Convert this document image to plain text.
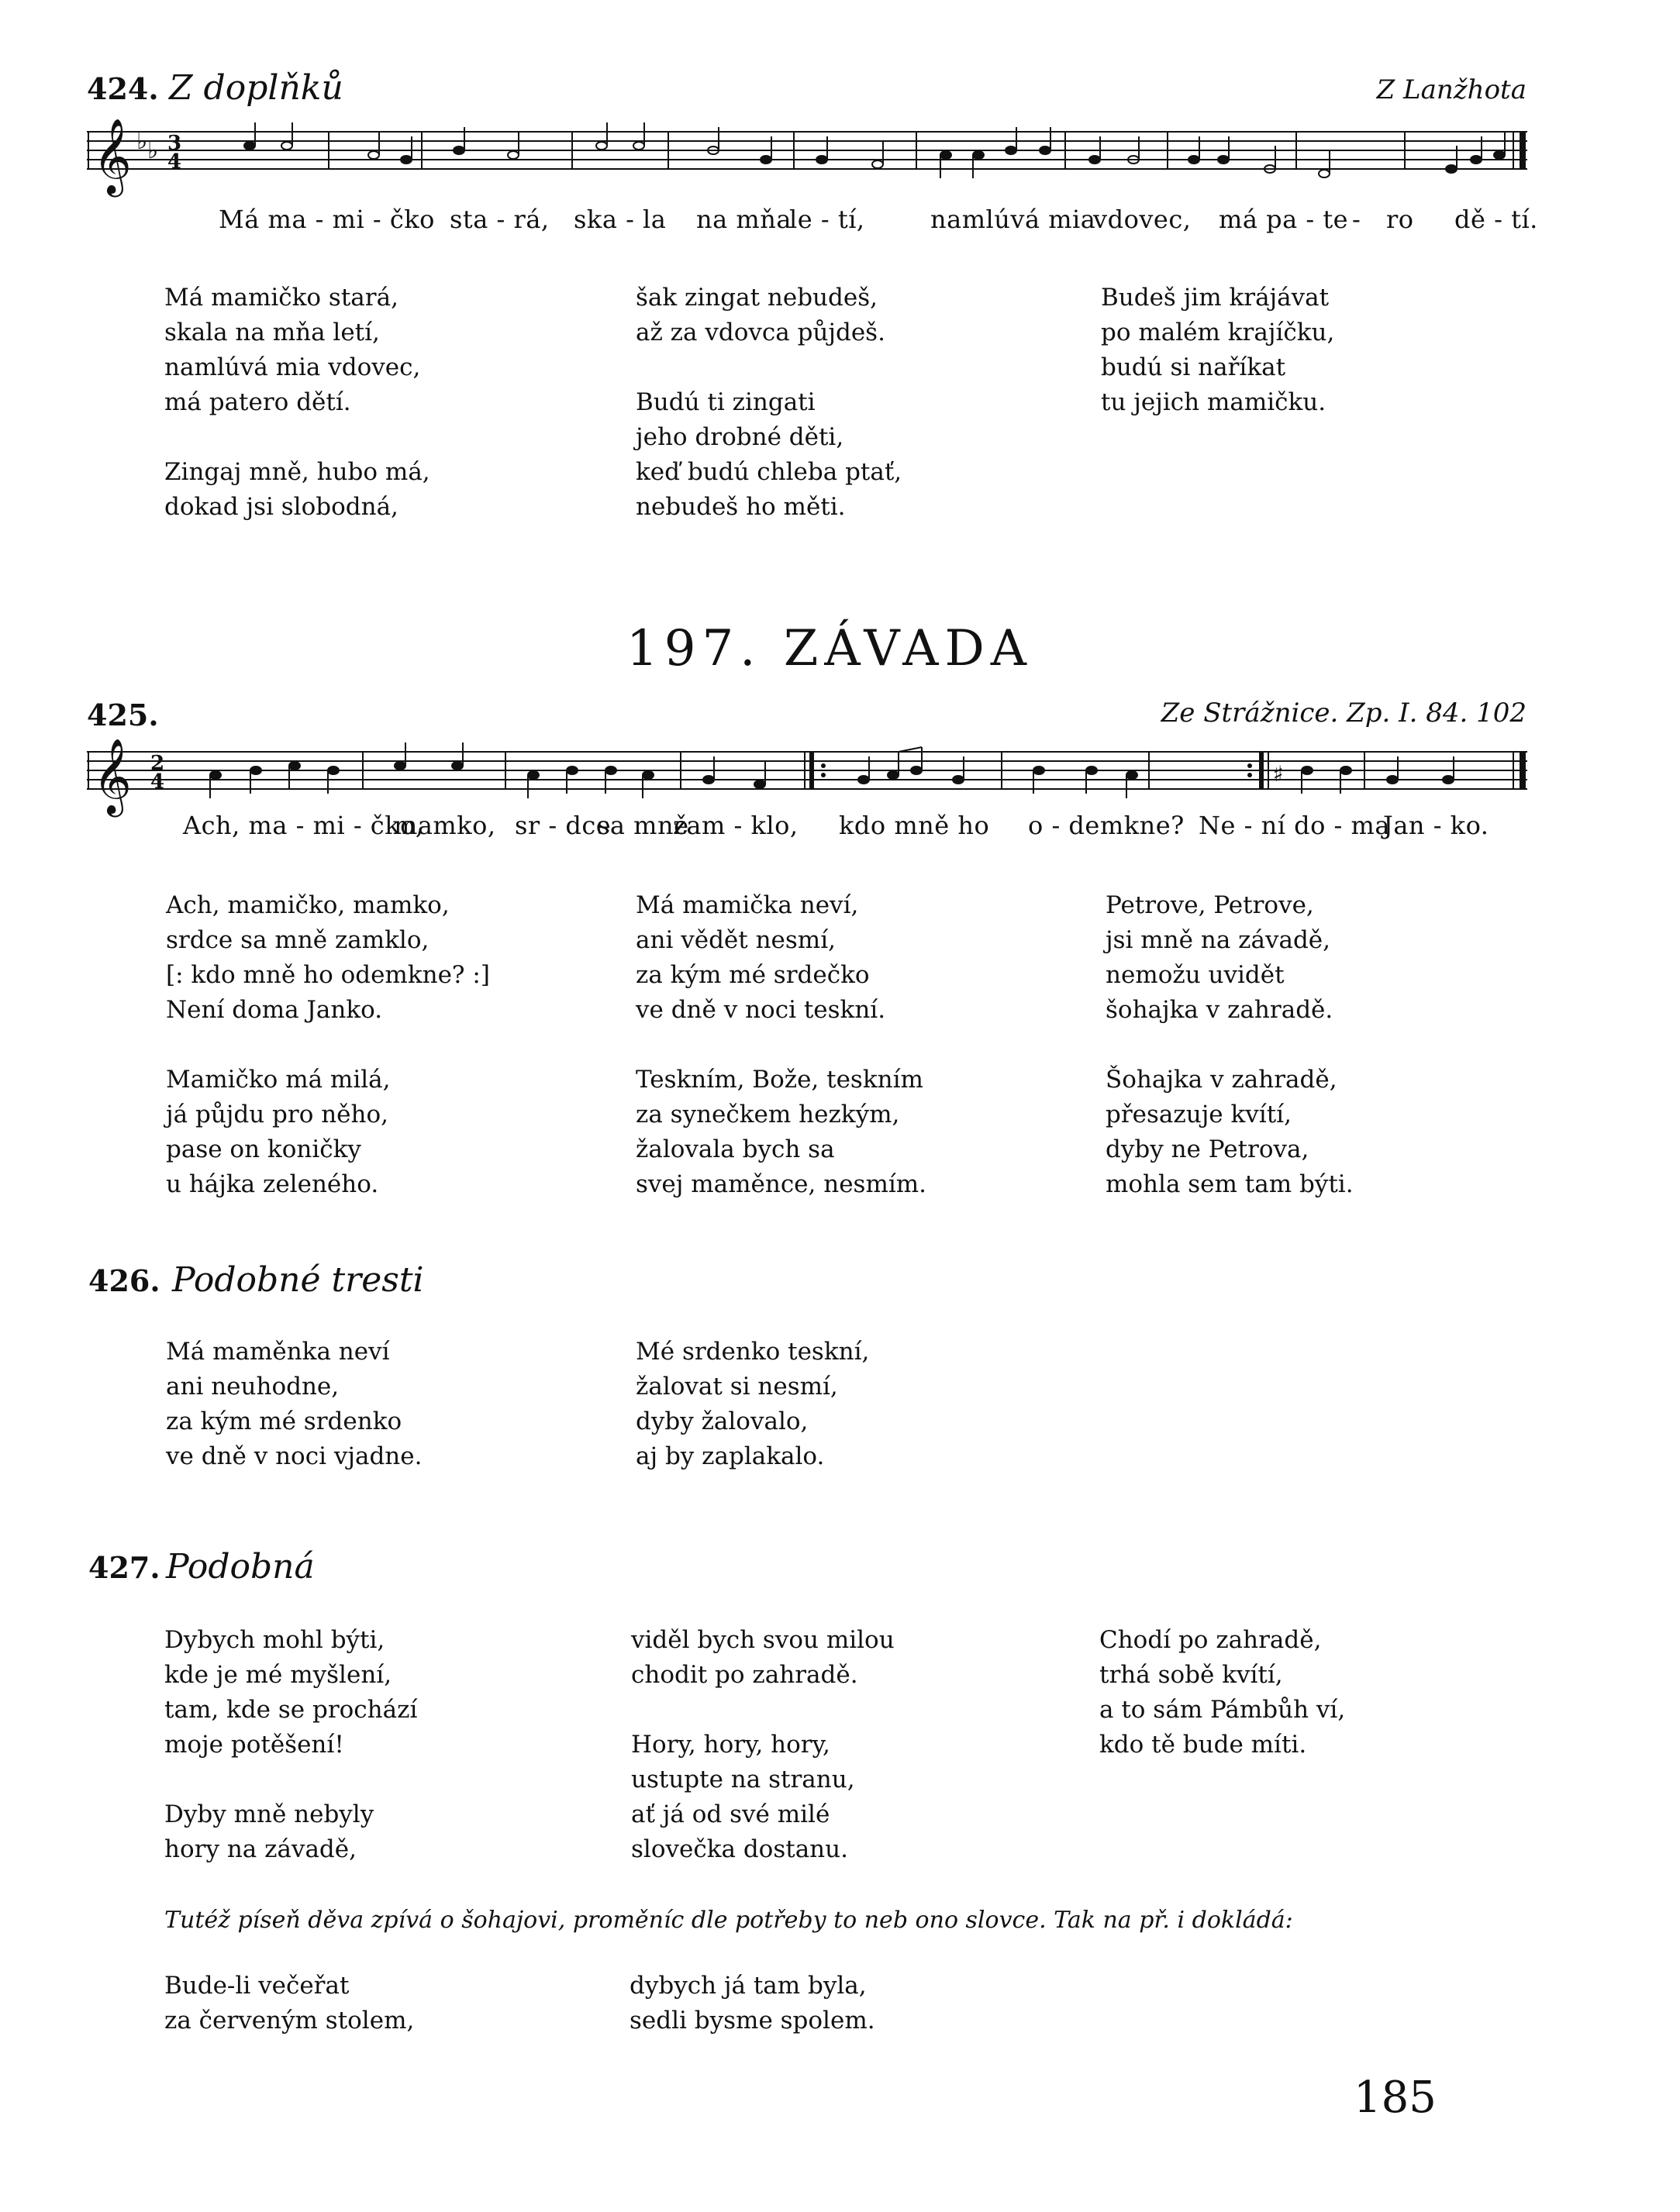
424. Z doplňků	Z Lanžhota
𝄞 ♭ ♭ 3
4
Má ma - mi - čko sta - rá, ska - la na mňa
le - tí,	namlúvá mia
vdovec, má pa - te - ro dě - tí.
Má mamičko stará,
skala na mňa letí,
namlúvá mia vdovec,
má patero dětí.
Zingaj mně, hubo má,
dokad jsi slobodná,
šak zingat nebudeš,
až za vdovca půjdeš.
Budú ti zingati
jeho drobné děti,
keď budú chleba ptať,
nebudeš ho měti.
Budeš jim krájávat
po malém krajíčku,
budú si naříkat
tu jejich mamičku.
197. ZÁVADA
425.	Ze Strážnice. Zp. I. 84. 102
𝄞 2
4	♯
Ach, ma - mi - čko,
mamko, sr - dce
sa mně
zam - klo, kdo mně ho o - demkne? Ne - ní do - ma
Jan - ko.
Ach, mamičko, mamko,
srdce sa mně zamklo,
[: kdo mně ho odemkne? :]
Není doma Janko.
Mamičko má milá,
já půjdu pro něho,
pase on koničky
u hájka zeleného.
Má mamička neví,
ani vědět nesmí,
za kým mé srdečko
ve dně v noci teskní.
Teskním, Bože, teskním
za synečkem hezkým,
žalovala bych sa
svej maměnce, nesmím.
Petrove, Petrove,
jsi mně na závadě,
nemožu uvidět
šohajka v zahradě.
Šohajka v zahradě,
přesazuje kvítí,
dyby ne Petrova,
mohla sem tam býti.
426. Podobné tresti
Má maměnka neví
ani neuhodne,
za kým mé srdenko
ve dně v noci vjadne.
Mé srdenko teskní,
žalovat si nesmí,
dyby žalovalo,
aj by zaplakalo.
427. Podobná
Dybych mohl býti,
kde je mé myšlení,
tam, kde se prochází
moje potěšení!
Dyby mně nebyly
hory na závadě,
viděl bych svou milou
chodit po zahradě.
Hory, hory, hory,
ustupte na stranu,
ať já od své milé
slovečka dostanu.
Chodí po zahradě,
trhá sobě kvítí,
a to sám Pámbůh ví,
kdo tě bude míti.
Tutéž píseň děva zpívá o šohajovi, proměníc dle potřeby to neb ono slovce. Tak na př. i dokládá:
Bude-li večeřat
za červeným stolem,
dybych já tam byla,
sedli bysme spolem.
185
